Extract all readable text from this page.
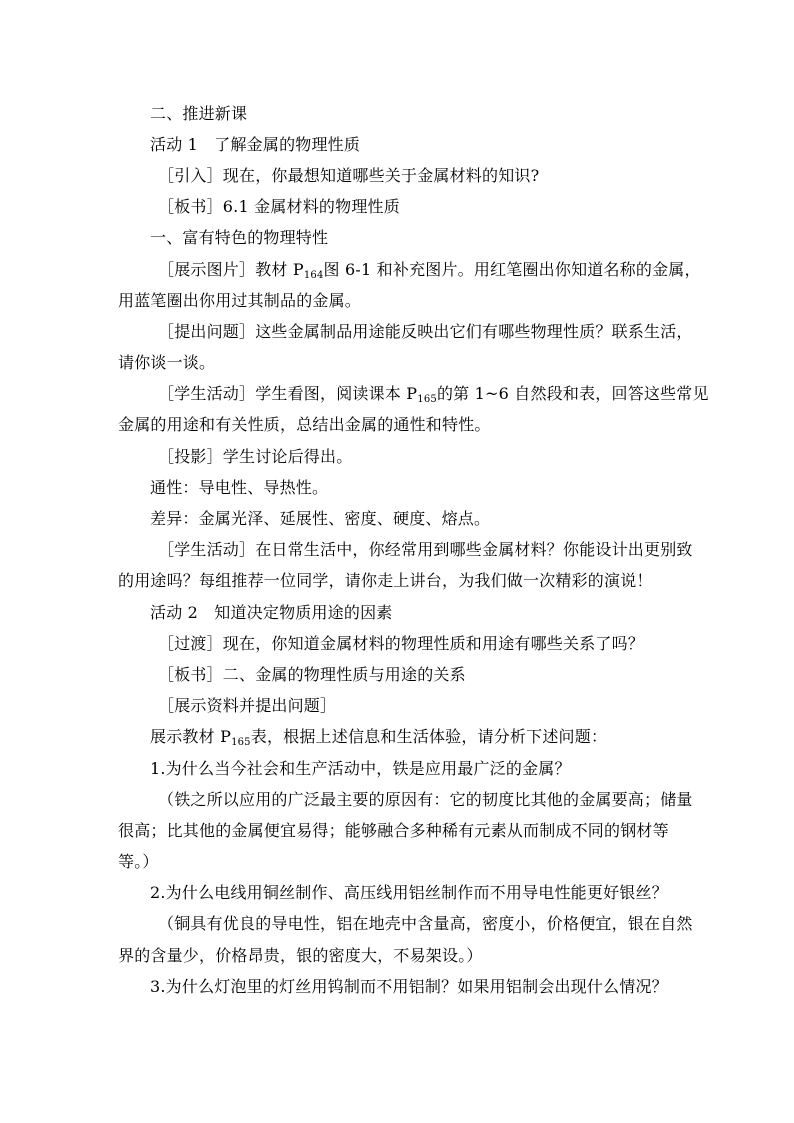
二、推进新课
活动 1　了解金属的物理性质
［引入］现在，你最想知道哪些关于金属材料的知识?
［板书］6.1 金属材料的物理性质
一、富有特色的物理特性
［展示图片］教材 $P_{164}$图 6-1 和补充图片。用红笔圈出你知道名称的金属，
用蓝笔圈出你用过其制品的金属。
［提出问题］这些金属制品用途能反映出它们有哪些物理性质？联系生活，
请你谈一谈。
［学生活动］学生看图，阅读课本 $P_{165}$的第 1~6 自然段和表，回答这些常见
金属的用途和有关性质，总结出金属的通性和特性。
［投影］学生讨论后得出。
通性：导电性、导热性。
差异：金属光泽、延展性、密度、硬度、熔点。
［学生活动］在日常生活中，你经常用到哪些金属材料？你能设计出更别致
的用途吗？每组推荐一位同学，请你走上讲台，为我们做一次精彩的演说！
活动 2　知道决定物质用途的因素
［过渡］现在，你知道金属材料的物理性质和用途有哪些关系了吗？
［板书］二、金属的物理性质与用途的关系
［展示资料并提出问题］
展示教材 $P_{165}$表，根据上述信息和生活体验，请分析下述问题：
1.为什么当今社会和生产活动中，铁是应用最广泛的金属？
（铁之所以应用的广泛最主要的原因有：它的韧度比其他的金属要高；储量
很高；比其他的金属便宜易得；能够融合多种稀有元素从而制成不同的钢材等
等。）
2.为什么电线用铜丝制作、高压线用铝丝制作而不用导电性能更好银丝？
（铜具有优良的导电性，铝在地壳中含量高，密度小，价格便宜，银在自然
界的含量少，价格昂贵，银的密度大，不易架设。）
3.为什么灯泡里的灯丝用钨制而不用铝制？如果用铝制会出现什么情况？
